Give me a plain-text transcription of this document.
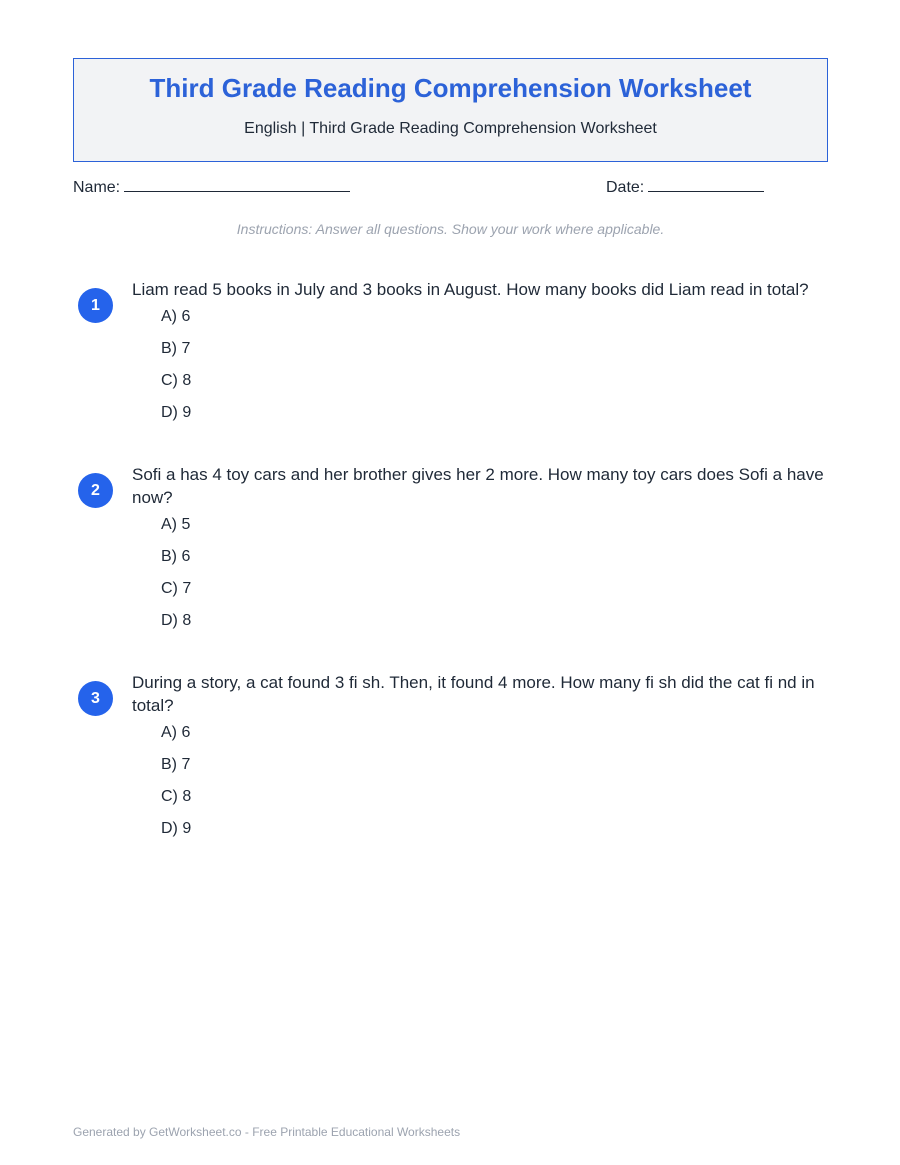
Third Grade Reading Comprehension Worksheet

English | Third Grade Reading Comprehension Worksheet

Name:	Date:
Instructions: Answer all questions. Show your work where applicable.
1
Liam read 5 books in July and 3 books in August. How many books did Liam read in total?
A) 6
B) 7
C) 8
D) 9
2
Sofi a has 4 toy cars and her brother gives her 2 more. How many toy cars does Sofi a have now?
A) 5
B) 6
C) 7
D) 8
3
During a story, a cat found 3 fi sh. Then, it found 4 more. How many fi sh did the cat fi nd in total?
A) 6
B) 7
C) 8
D) 9
Generated by GetWorksheet.co - Free Printable Educational Worksheets
